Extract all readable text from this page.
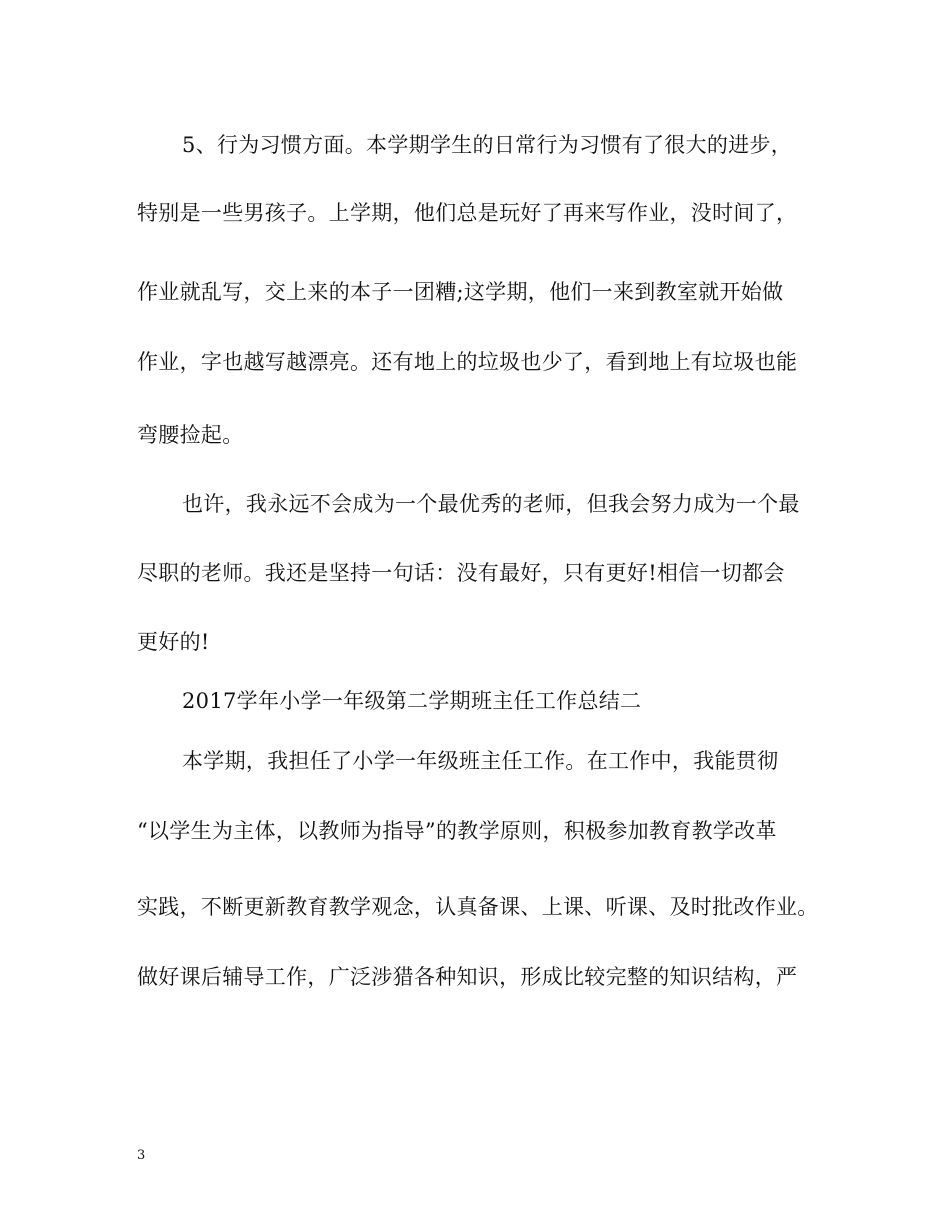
5、行为习惯方面。本学期学生的日常行为习惯有了很大的进步，
特别是一些男孩子。上学期，他们总是玩好了再来写作业，没时间了，
作业就乱写，交上来的本子一团糟;这学期，他们一来到教室就开始做
作业，字也越写越漂亮。还有地上的垃圾也少了，看到地上有垃圾也能
弯腰捡起。
也许，我永远不会成为一个最优秀的老师，但我会努力成为一个最
尽职的老师。我还是坚持一句话：没有最好，只有更好!相信一切都会
更好的!
2017学年小学一年级第二学期班主任工作总结二
本学期，我担任了小学一年级班主任工作。在工作中，我能贯彻
“以学生为主体，以教师为指导”的教学原则，积极参加教育教学改革
实践，不断更新教育教学观念，认真备课、上课、听课、及时批改作业。
做好课后辅导工作，广泛涉猎各种知识，形成比较完整的知识结构，严
3
